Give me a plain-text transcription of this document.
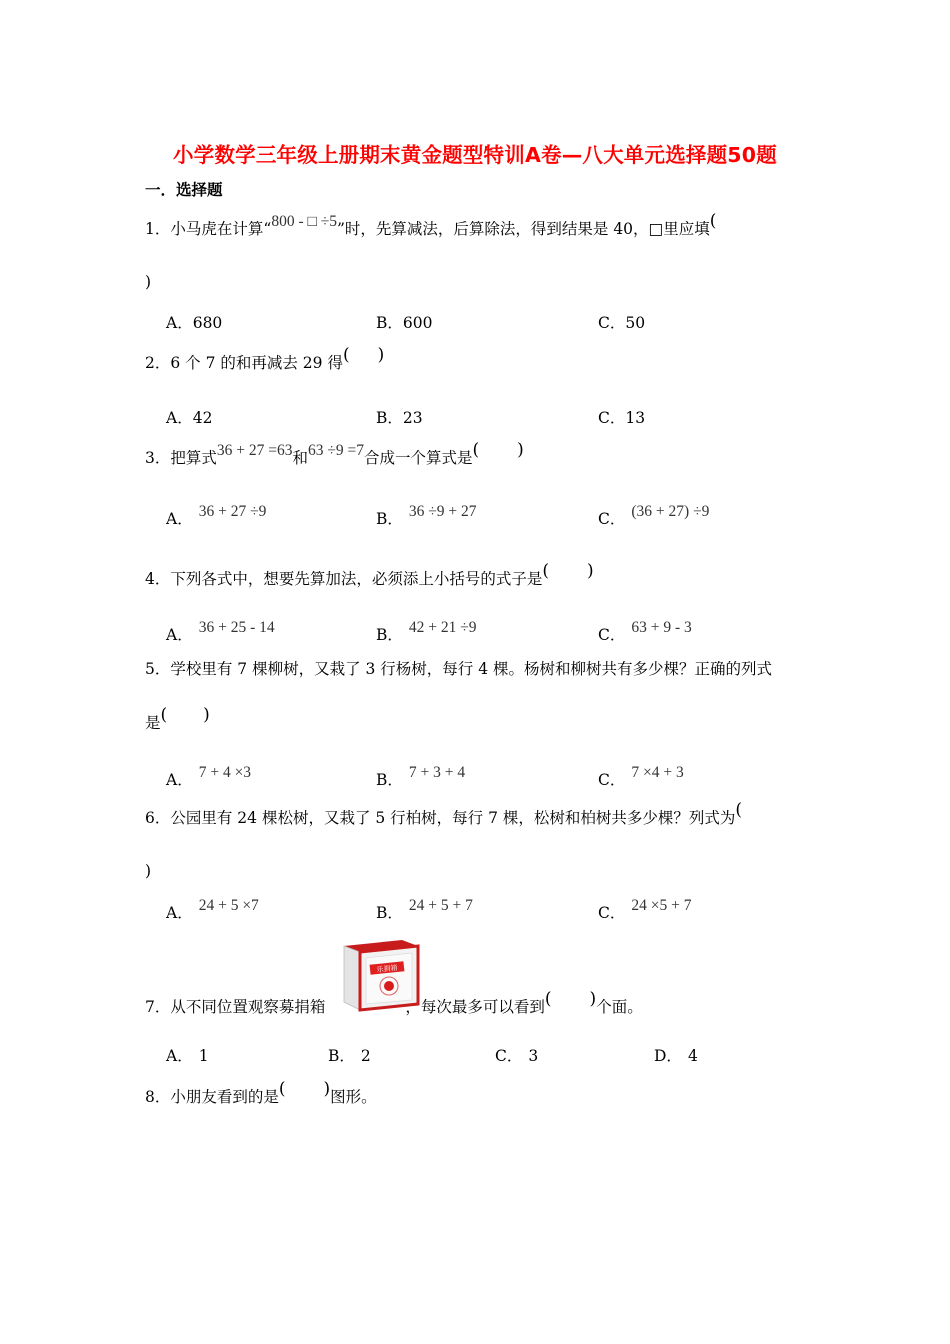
小学数学三年级上册期末黄金题型特训A卷—八大单元选择题50题
一．选择题
1．小马虎在计算“800 - □ ÷5”时，先算减法，后算除法，得到结果是 40，□里应填(
)
A．680	B．600	C．50
2．6 个 7 的和再减去 29 得( )
A．42	B．23	C．13
3．把算式36 + 27 =63和63 ÷9 =7合成一个算式是( )
A． 36 + 27 ÷9	B． 36 ÷9 + 27	C． (36 + 27) ÷9
4．下列各式中，想要先算加法，必须添上小括号的式子是( )
A． 36 + 25 - 14	B． 42 + 21 ÷9	C． 63 + 9 - 3
5．学校里有 7 棵柳树，又栽了 3 行杨树，每行 4 棵。杨树和柳树共有多少棵？正确的列式
是( )
A． 7 + 4 ×3	B． 7 + 3 + 4	C． 7 ×4 + 3
6．公园里有 24 棵松树，又栽了 5 行柏树，每行 7 棵，松树和柏树共多少棵？列式为(
)
A． 24 + 5 ×7	B． 24 + 5 + 7	C． 24 ×5 + 7
乐捐箱
7．从不同位置观察募捐箱	，每次最多可以看到( )个面。
A． 1	B． 2	C． 3	D． 4
8．小朋友看到的是( )图形。
